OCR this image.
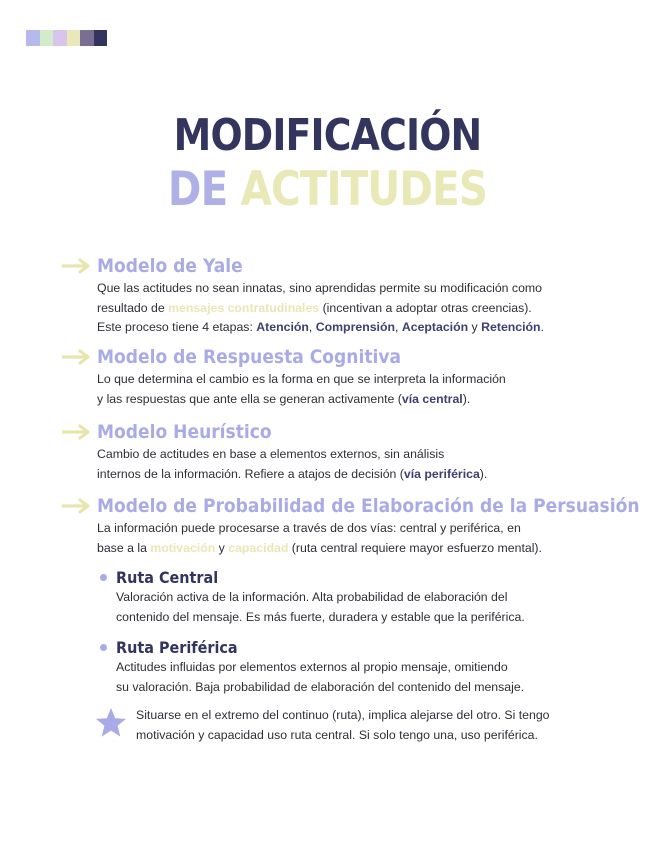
MODIFICACIÓN
DE ACTITUDES
Modelo de Yale
Que las actitudes no sean innatas, sino aprendidas permite su modificación como
resultado de mensajes contratudinales (incentivan a adoptar otras creencias).
Este proceso tiene 4 etapas: Atención, Comprensión, Aceptación y Retención.
Modelo de Respuesta Cognitiva
Lo que determina el cambio es la forma en que se interpreta la información
y las respuestas que ante ella se generan activamente (vía central).
Modelo Heurístico
Cambio de actitudes en base a elementos externos, sin análisis
internos de la información. Refiere a atajos de decisión (vía periférica).
Modelo de Probabilidad de Elaboración de la Persuasión
La información puede procesarse a través de dos vías: central y periférica, en
base a la motivación y capacidad (ruta central requiere mayor esfuerzo mental).
Ruta Central
Valoración activa de la información. Alta probabilidad de elaboración del
contenido del mensaje. Es más fuerte, duradera y estable que la periférica.
Ruta Periférica
Actitudes influidas por elementos externos al propio mensaje, omitiendo
su valoración. Baja probabilidad de elaboración del contenido del mensaje.
Situarse en el extremo del continuo (ruta), implica alejarse del otro. Si tengo
motivación y capacidad uso ruta central. Si solo tengo una, uso periférica.
